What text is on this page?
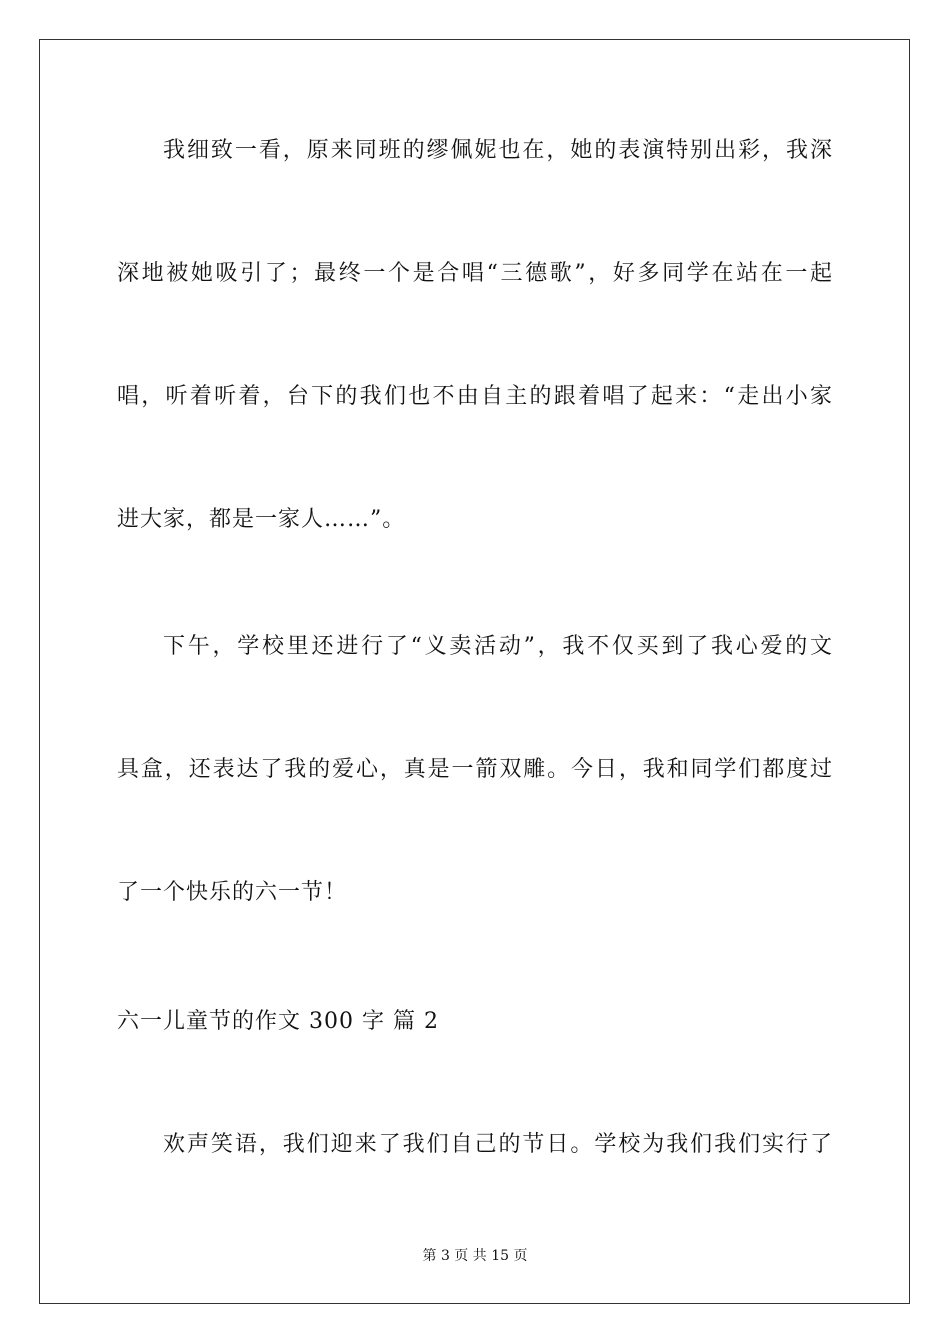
我细致一看，原来同班的缪佩妮也在，她的表演特别出彩，我深
深地被她吸引了；最终一个是合唱“三德歌”，好多同学在站在一起
唱，听着听着，台下的我们也不由自主的跟着唱了起来：“走出小家
进大家，都是一家人……”。
下午，学校里还进行了“义卖活动”，我不仅买到了我心爱的文
具盒，还表达了我的爱心，真是一箭双雕。今日，我和同学们都度过
了一个快乐的六一节！
六一儿童节的作文 300 字 篇 2
欢声笑语，我们迎来了我们自己的节日。学校为我们我们实行了
第 3 页 共 15 页
